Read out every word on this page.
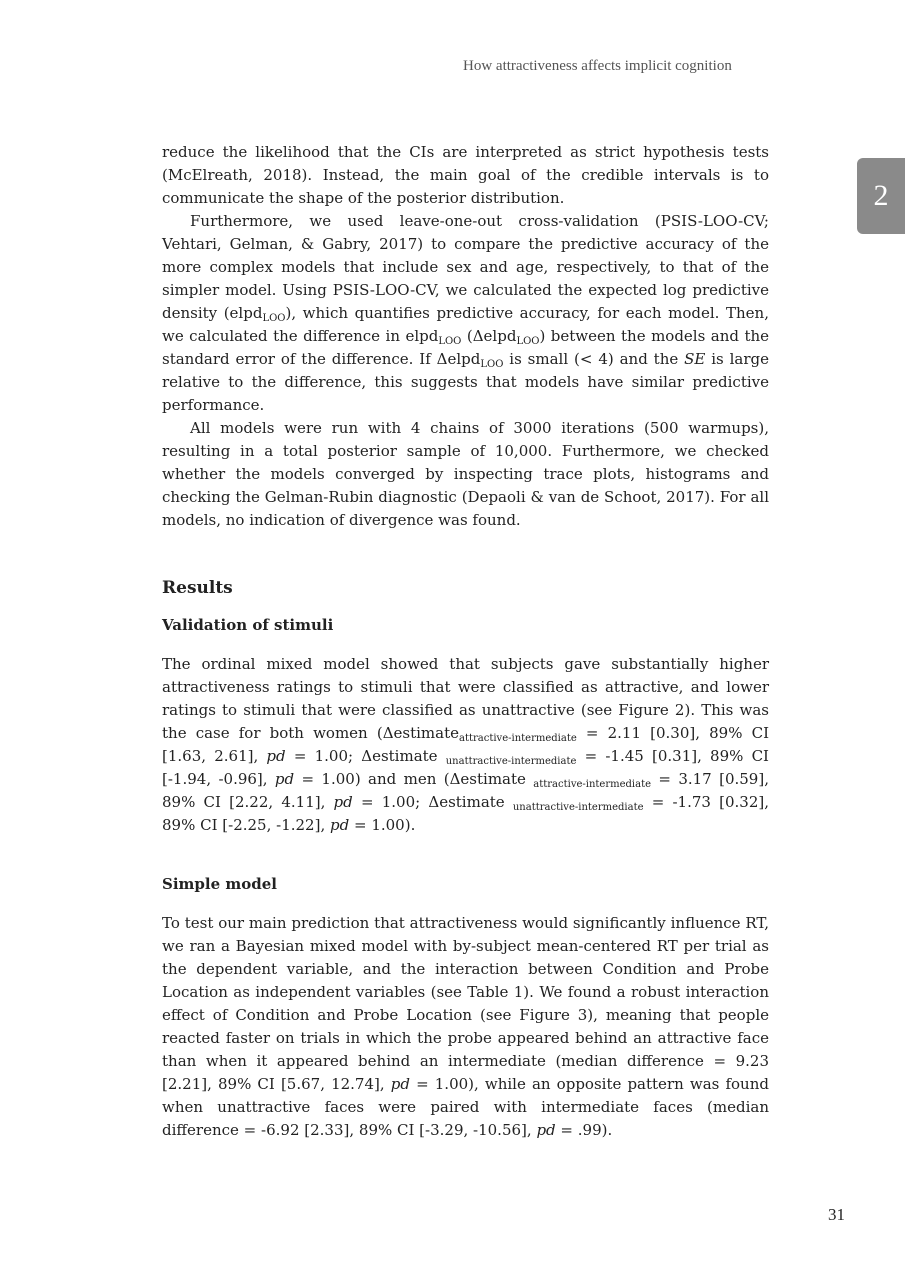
How attractiveness affects implicit cognition
2

reduce the likelihood that the CIs are interpreted as strict hypothesis tests (McElreath, 2018). Instead, the main goal of the credible intervals is to communicate the shape of the posterior distribution.

Furthermore, we used leave-one-out cross-validation (PSIS-LOO-CV; Vehtari, Gelman, & Gabry, 2017) to compare the predictive accuracy of the more complex models that include sex and age, respectively, to that of the simpler model. Using PSIS-LOO-CV, we calculated the expected log predictive density (elpd$_{LOO}$), which quantifies predictive accuracy, for each model. Then, we calculated the difference in elpd$_{LOO}$ (Δelpd$_{LOO}$) between the models and the standard error of the difference. If Δelpd$_{LOO}$ is small (< 4) and the SE is large relative to the difference, this suggests that models have similar predictive performance.

All models were run with 4 chains of 3000 iterations (500 warmups), resulting in a total posterior sample of 10,000. Furthermore, we checked whether the models converged by inspecting trace plots, histograms and checking the Gelman-Rubin diagnostic (Depaoli & van de Schoot, 2017). For all models, no indication of divergence was found.

Results
Validation of stimuli

The ordinal mixed model showed that subjects gave substantially higher attractiveness ratings to stimuli that were classified as attractive, and lower ratings to stimuli that were classified as unattractive (see Figure 2). This was the case for both women (Δestimate$_{attractive-intermediate}$ = 2.11 [0.30], 89% CI [1.63, 2.61], pd = 1.00; Δestimate $_{unattractive-intermediate}$ = -1.45 [0.31], 89% CI [-1.94, -0.96], pd = 1.00) and men (Δestimate $_{attractive-intermediate}$ = 3.17 [0.59], 89% CI [2.22, 4.11], pd = 1.00; Δestimate $_{unattractive-intermediate}$ = -1.73 [0.32], 89% CI [-2.25, -1.22], pd = 1.00).

Simple model

To test our main prediction that attractiveness would significantly influence RT, we ran a Bayesian mixed model with by-subject mean-centered RT per trial as the dependent variable, and the interaction between Condition and Probe Location as independent variables (see Table 1). We found a robust interaction effect of Condition and Probe Location (see Figure 3), meaning that people reacted faster on trials in which the probe appeared behind an attractive face than when it appeared behind an intermediate (median difference = 9.23 [2.21], 89% CI [5.67, 12.74], pd = 1.00), while an opposite pattern was found when unattractive faces were paired with intermediate faces (median difference = -6.92 [2.33], 89% CI [-3.29, -10.56], pd = .99).

31
